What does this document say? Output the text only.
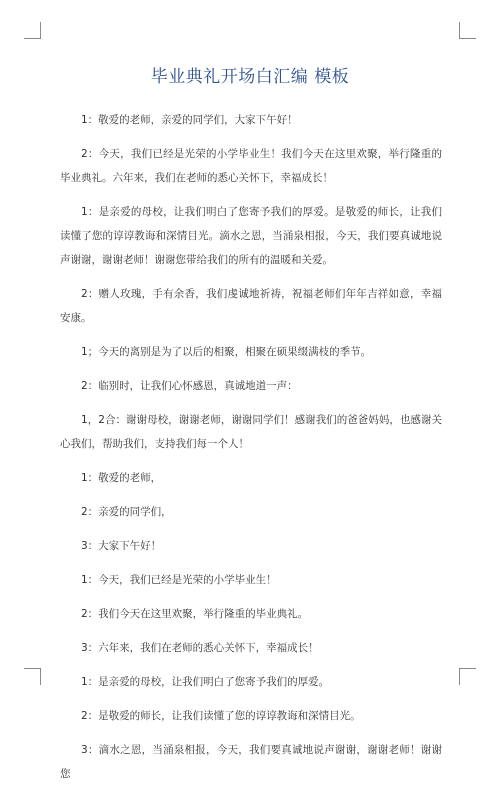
毕业典礼开场白汇编 模板

1：敬爱的老师，亲爱的同学们，大家下午好！

2：今天，我们已经是光荣的小学毕业生！我们今天在这里欢聚，举行隆重的毕业典礼。六年来，我们在老师的悉心关怀下，幸福成长！

1：是亲爱的母校，让我们明白了您寄予我们的厚爱。是敬爱的师长，让我们读懂了您的谆谆教诲和深情目光。滴水之恩，当涌泉相报，今天，我们要真诚地说声谢谢，谢谢老师！谢谢您带给我们的所有的温暖和关爱。

2：赠人玫瑰，手有余香，我们虔诚地祈祷，祝福老师们年年吉祥如意，幸福安康。

1；今天的离别是为了以后的相聚，相聚在硕果缀满枝的季节。

2：临别时，让我们心怀感恩，真诚地道一声：

1，2合：谢谢母校，谢谢老师，谢谢同学们！感谢我们的爸爸妈妈，也感谢关心我们，帮助我们，支持我们每一个人！

1：敬爱的老师，

2：亲爱的同学们，

3：大家下午好！

1：今天，我们已经是光荣的小学毕业生！

2：我们今天在这里欢聚，举行隆重的毕业典礼。

3：六年来，我们在老师的悉心关怀下，幸福成长！

1：是亲爱的母校，让我们明白了您寄予我们的厚爱。

2：是敬爱的师长，让我们读懂了您的谆谆教诲和深情目光。

3：滴水之恩，当涌泉相报，今天，我们要真诚地说声谢谢，谢谢老师！谢谢您
